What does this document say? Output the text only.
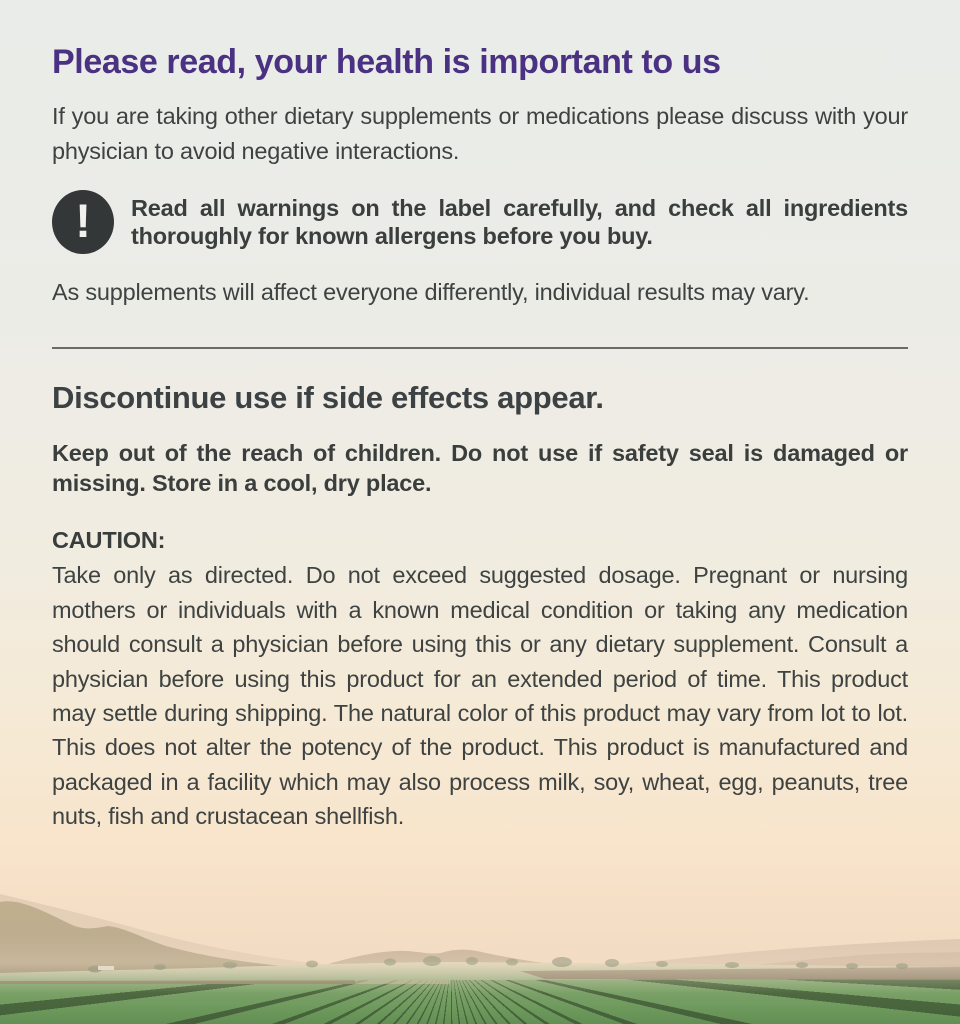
Please read, your health is important to us

If you are taking other dietary supplements or medications please discuss with your physician to avoid negative interactions.

! Read all warnings on the label carefully, and check all ingredients thoroughly for known allergens before you buy.

As supplements will affect everyone differently, individual results may vary.

Discontinue use if side effects appear.

Keep out of the reach of children. Do not use if safety seal is damaged or missing. Store in a cool, dry place.

CAUTION:

Take only as directed. Do not exceed suggested dosage. Pregnant or nursing mothers or individuals with a known medical condition or taking any medication should consult a physician before using this or any dietary supplement. Consult a physician before using this product for an extended period of time. This product may settle during shipping. The natural color of this product may vary from lot to lot. This does not alter the potency of the product. This product is manufactured and packaged in a facility which may also process milk, soy, wheat, egg, peanuts, tree nuts, fish and crustacean shellfish.
